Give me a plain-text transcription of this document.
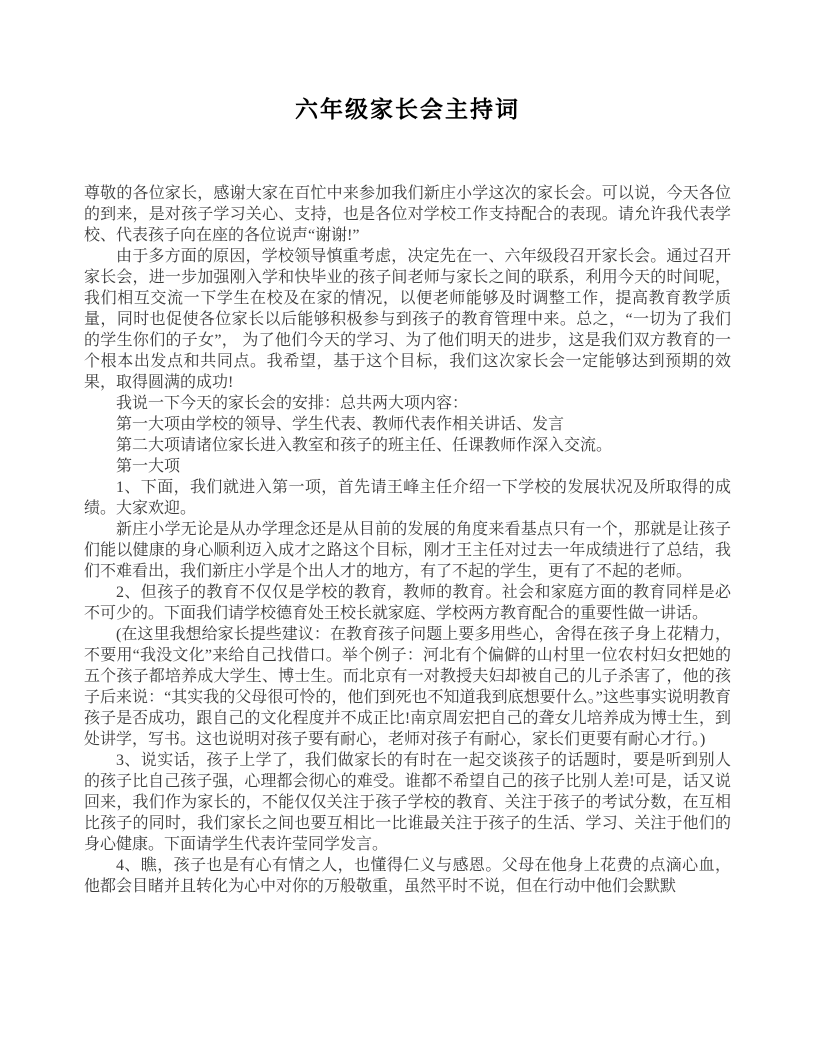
六年级家长会主持词

尊敬的各位家长，感谢大家在百忙中来参加我们新庄小学这次的家长会。可以说，今天各位的到来，是对孩子学习关心、支持，也是各位对学校工作支持配合的表现。请允许我代表学校、代表孩子向在座的各位说声“谢谢!”

由于多方面的原因，学校领导慎重考虑，决定先在一、六年级段召开家长会。通过召开家长会，进一步加强刚入学和快毕业的孩子间老师与家长之间的联系，利用今天的时间呢，我们相互交流一下学生在校及在家的情况，以便老师能够及时调整工作，提高教育教学质量，同时也促使各位家长以后能够积极参与到孩子的教育管理中来。总之，“一切为了我们的学生你们的子女”， 为了他们今天的学习、为了他们明天的进步，这是我们双方教育的一个根本出发点和共同点。我希望，基于这个目标，我们这次家长会一定能够达到预期的效果，取得圆满的成功!

我说一下今天的家长会的安排：总共两大项内容：

第一大项由学校的领导、学生代表、教师代表作相关讲话、发言

第二大项请诸位家长进入教室和孩子的班主任、任课教师作深入交流。

第一大项

1、下面，我们就进入第一项，首先请王峰主任介绍一下学校的发展状况及所取得的成绩。大家欢迎。

新庄小学无论是从办学理念还是从目前的发展的角度来看基点只有一个，那就是让孩子们能以健康的身心顺利迈入成才之路这个目标，刚才王主任对过去一年成绩进行了总结，我们不难看出，我们新庄小学是个出人才的地方，有了不起的学生，更有了不起的老师。

2、但孩子的教育不仅仅是学校的教育，教师的教育。社会和家庭方面的教育同样是必不可少的。下面我们请学校德育处王校长就家庭、学校两方教育配合的重要性做一讲话。

(在这里我想给家长提些建议：在教育孩子问题上要多用些心，舍得在孩子身上花精力，不要用“我没文化”来给自己找借口。举个例子：河北有个偏僻的山村里一位农村妇女把她的五个孩子都培养成大学生、博士生。而北京有一对教授夫妇却被自己的儿子杀害了，他的孩子后来说：“其实我的父母很可怜的，他们到死也不知道我到底想要什么。”这些事实说明教育孩子是否成功，跟自己的文化程度并不成正比!南京周宏把自己的聋女儿培养成为博士生，到处讲学，写书。这也说明对孩子要有耐心，老师对孩子有耐心，家长们更要有耐心才行。)

3、说实话，孩子上学了，我们做家长的有时在一起交谈孩子的话题时，要是听到别人的孩子比自己孩子强，心理都会彻心的难受。谁都不希望自己的孩子比别人差!可是，话又说回来，我们作为家长的，不能仅仅关注于孩子学校的教育、关注于孩子的考试分数，在互相比孩子的同时，我们家长之间也要互相比一比谁最关注于孩子的生活、学习、关注于他们的身心健康。下面请学生代表许莹同学发言。

4、瞧，孩子也是有心有情之人，也懂得仁义与感恩。父母在他身上花费的点滴心血，他都会目睹并且转化为心中对你的万般敬重，虽然平时不说，但在行动中他们会默默
